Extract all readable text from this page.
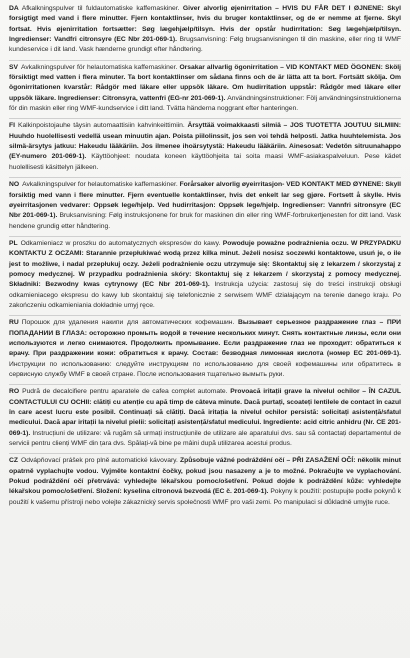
DA Afkalkningspulver til fuldautomatiske kaffemaskiner. Giver alvorlig øjenirritation – HVIS DU FÅR DET I ØJNENE: Skyl forsigtigt med vand i flere minutter. Fjern kontaktlinser, hvis du bruger kontaktlinser, og de er nemme at fjerne. Skyl fortsat. Hvis øjenirritation fortsætter: Søg lægehjælp/tilsyn. Hvis der opstår hudirritation: Søg lægehjælp/tilsyn. Ingredienser: Vandfri citronsyre (EC Nbr 201-069-1). Brugsanvisning: Følg brugsanvisningen til din maskine, eller ring til WMF kundeservice i dit land. Vask hænderne grundigt efter håndtering.

SV Avkalkningspulver för helautomatiska kaffemaskiner. Orsakar allvarlig ögonirritation – VID KONTAKT MED ÖGONEN: Skölj försiktigt med vatten i flera minuter. Ta bort kontaktlinser om sådana finns och de är lätta att ta bort. Fortsätt skölja. Om ögonirritationen kvarstår: Rådgör med läkare eller uppsök läkare. Om hudirritation uppstår: Rådgör med läkare eller uppsök läkare. Ingredienser: Citronsyra, vattenfri (EG-nr 201-069-1). Användningsinstruktioner: Följ användningsinstruktionerna för din maskin eller ring WMF-kundservice i ditt land. Tvätta händerna noggrant efter hanteringen.

FI Kalkinpoistojauhe täysin automaattisiin kahvinkeittimiin. Ärsyttää voimakkaasti silmiä – JOS TUOTETTA JOUTUU SILMIIN: Huuhdo huolellisesti vedellä usean minuutin ajan. Poista piilolinssit, jos sen voi tehdä helposti. Jatka huuhtelemista. Jos silmä-ärsytys jatkuu: Hakeudu lääkäriin. Jos ilmenee ihoärsytystä: Hakeudu lääkäriin. Ainesosat: Vedetön sitruunahappo (EY-numero 201-069-1). Käyttöohjeet: noudata koneen käyttöohjeita tai soita maasi WMF-asiakaspalveluun. Pese kädet huolellisesti käsittelyn jälkeen.

NO Avkalkningspulver for helautomatiske kaffemaskiner. Forårsaker alvorlig øyeirritasjon- VED KONTAKT MED ØYNENE: Skyll forsiktig med vann i flere minutter. Fjern eventuelle kontaktlinser, hvis det enkelt lar seg gjøre. Fortsett å skylle. Hvis øyeirritasjonen vedvarer: Oppsøk lege/hjelp. Ved hudirritasjon: Oppsøk lege/hjelp. Ingredienser: Vannfri sitronsyre (EC Nbr 201-069-1). Bruksanvisning: Følg instruksjonene for bruk for maskinen din eller ring WMF-forbrukertjenesten for ditt land. Vask hendene grundig etter håndtering.

PL Odkamieniacz w proszku do automatycznych ekspresów do kawy. Powoduje poważne podrażnienia oczu. W PRZYPADKU KONTAKTU Z OCZAMI: Starannie przepłukiwać wodą przez kilka minut. Jeżeli nosisz soczewki kontaktowe, usuń je, o ile jest to możliwe, i nadal przepłukuj oczy. Jeżeli podrażnienie oczu utrzymuje się: Skontaktuj się z lekarzem / skorzystaj z pomocy medycznej. W przypadku podrażnienia skóry: Skontaktuj się z lekarzem / skorzystaj z pomocy medycznej. Składniki: Bezwodny kwas cytrynowy (EC Nbr 201-069-1). Instrukcja użycia: zastosuj się do treści instrukcji obsługi odkamieniacego ekspresu do kawy lub skontaktuj się telefonicznie z serwisem WMF działającym na terenie danego kraju. Po zakończeniu odkamieniania dokładnie umyj ręce.

RU Порошок для удаления накипи для автоматических кофемашин. Вызывает серьезное раздражение глаз – ПРИ ПОПАДАНИИ В ГЛАЗА: осторожно промыть водой в течение нескольких минут. Снять контактные линзы, если они используются и легко снимаются. Продолжить промывание. Если раздражение глаз не проходит: обратиться к врачу. При раздражении кожи: обратиться к врачу. Состав: безводная лимонная кислота (номер EC 201-069-1).Инструкции по использованию: следуйте инструкциям по использованию для своей кофемашины или обратитесь в сервисную службу WMF в своей стране. После использования тщательно вымыть руки.

RO Pudră de decalcifiere pentru aparatele de cafea complet automate. Provoacă iritații grave la nivelul ochilor – ÎN CAZUL CONTACTULUI CU OCHII: clătiți cu atenție cu apă timp de câteva minute. Dacă purtați, scoateți lentilele de contact în cazul în care acest lucru este posibil. Continuați să clătiți. Dacă iritația la nivelul ochilor persistă: solicitați asistență/sfatul medicului. Dacă apar iritații la nivelul pielii: solicitați asistență/sfatul medicului. Ingrediente: acid citric anhidru (Nr. CE 201-069-1). Instrucțiuni de utilizare: vă rugăm să urmați instrucțiunile de utilizare ale aparatului dvs. sau să contactați departamentul de servicii pentru clienți WMF din țara dvs. Spălați-vă bine pe mâini după utilizarea acestui produs.

CZ Odvápňovací prášek pro plně automatické kávovary. Způsobuje vážné podráždění očí – PŘI ZASAŽENÍ OČÍ: několik minut opatrně vyplachujte vodou. Vyjměte kontaktní čočky, pokud jsou nasazeny a je to možné. Pokračujte ve vyplachování. Pokud podráždění očí přetrvává: vyhledejte lékařskou pomoc/ošetření. Pokud dojde k podráždění kůže: vyhledejte lékařskou pomoc/ošetření. Složení: kyselina citronová bezvodá (EC č. 201-069-1). Pokyny k použití: postupujte podle pokynů k použití k vašemu přístroji nebo volejte zákaznický servis společnosti WMF pro vaši zemi. Po manipulaci si důkladně umyjte ruce.
